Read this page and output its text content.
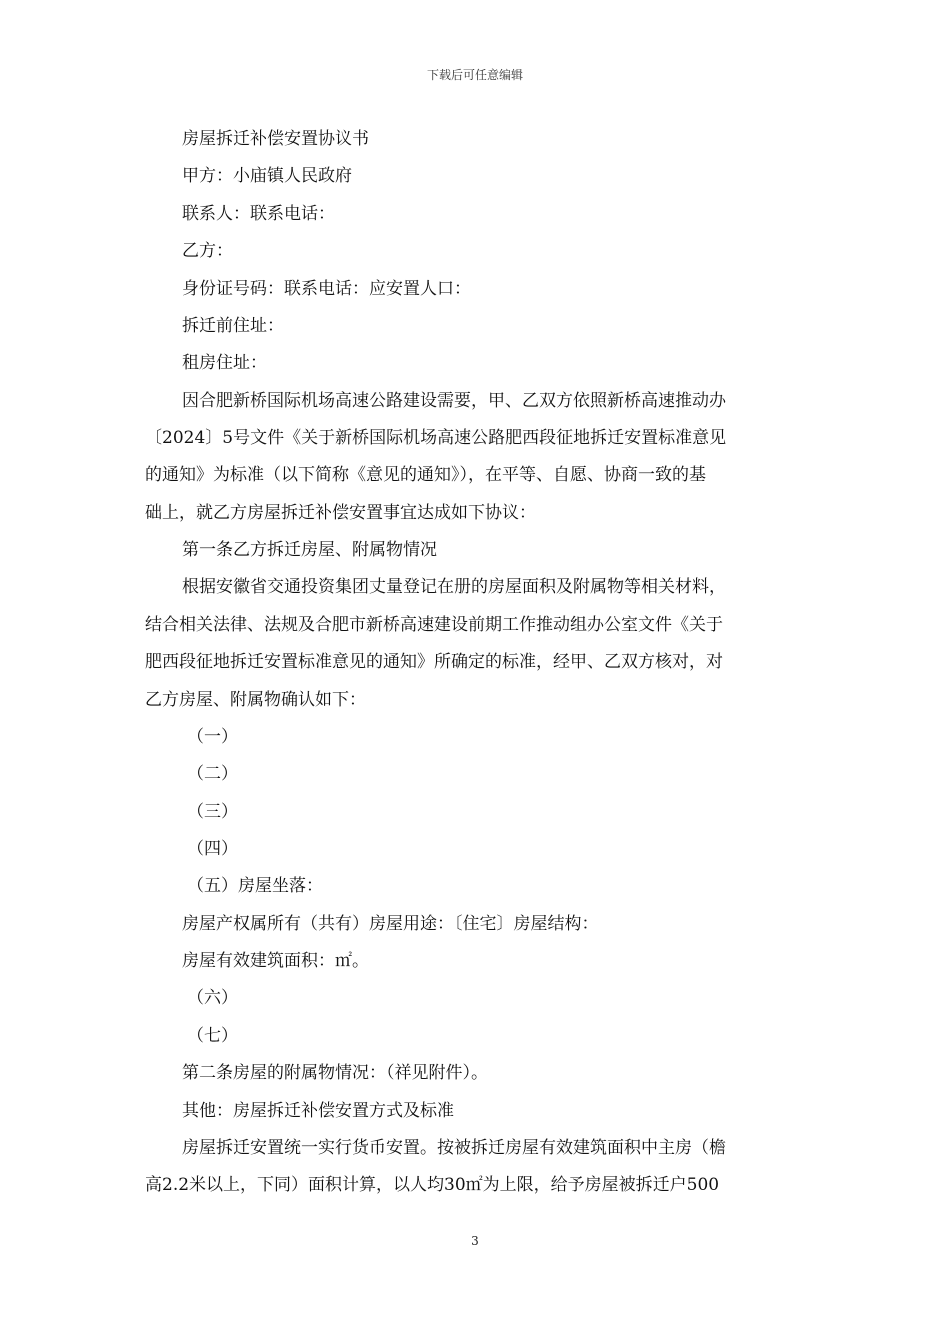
下载后可任意编辑
房屋拆迁补偿安置协议书
甲方：小庙镇人民政府
联系人：联系电话：
乙方：
身份证号码：联系电话：应安置人口：
拆迁前住址：
租房住址：
因合肥新桥国际机场高速公路建设需要，甲、乙双方依照新桥高速推动办
〔2024〕5号文件《关于新桥国际机场高速公路肥西段征地拆迁安置标准意见
的通知》为标准（以下简称《意见的通知》），在平等、自愿、协商一致的基
础上，就乙方房屋拆迁补偿安置事宜达成如下协议：
第一条乙方拆迁房屋、附属物情况
根据安徽省交通投资集团丈量登记在册的房屋面积及附属物等相关材料，
结合相关法律、法规及合肥市新桥高速建设前期工作推动组办公室文件《关于
肥西段征地拆迁安置标准意见的通知》所确定的标准，经甲、乙双方核对，对
乙方房屋、附属物确认如下：
（一）
（二）
（三）
（四）
（五）房屋坐落：
房屋产权属所有（共有）房屋用途：〔住宅〕房屋结构：
房屋有效建筑面积：㎡。
（六）
（七）
第二条房屋的附属物情况：（祥见附件）。
其他：房屋拆迁补偿安置方式及标准
房屋拆迁安置统一实行货币安置。按被拆迁房屋有效建筑面积中主房（檐
高2.2米以上，下同）面积计算，以人均30㎡为上限，给予房屋被拆迁户500
3
